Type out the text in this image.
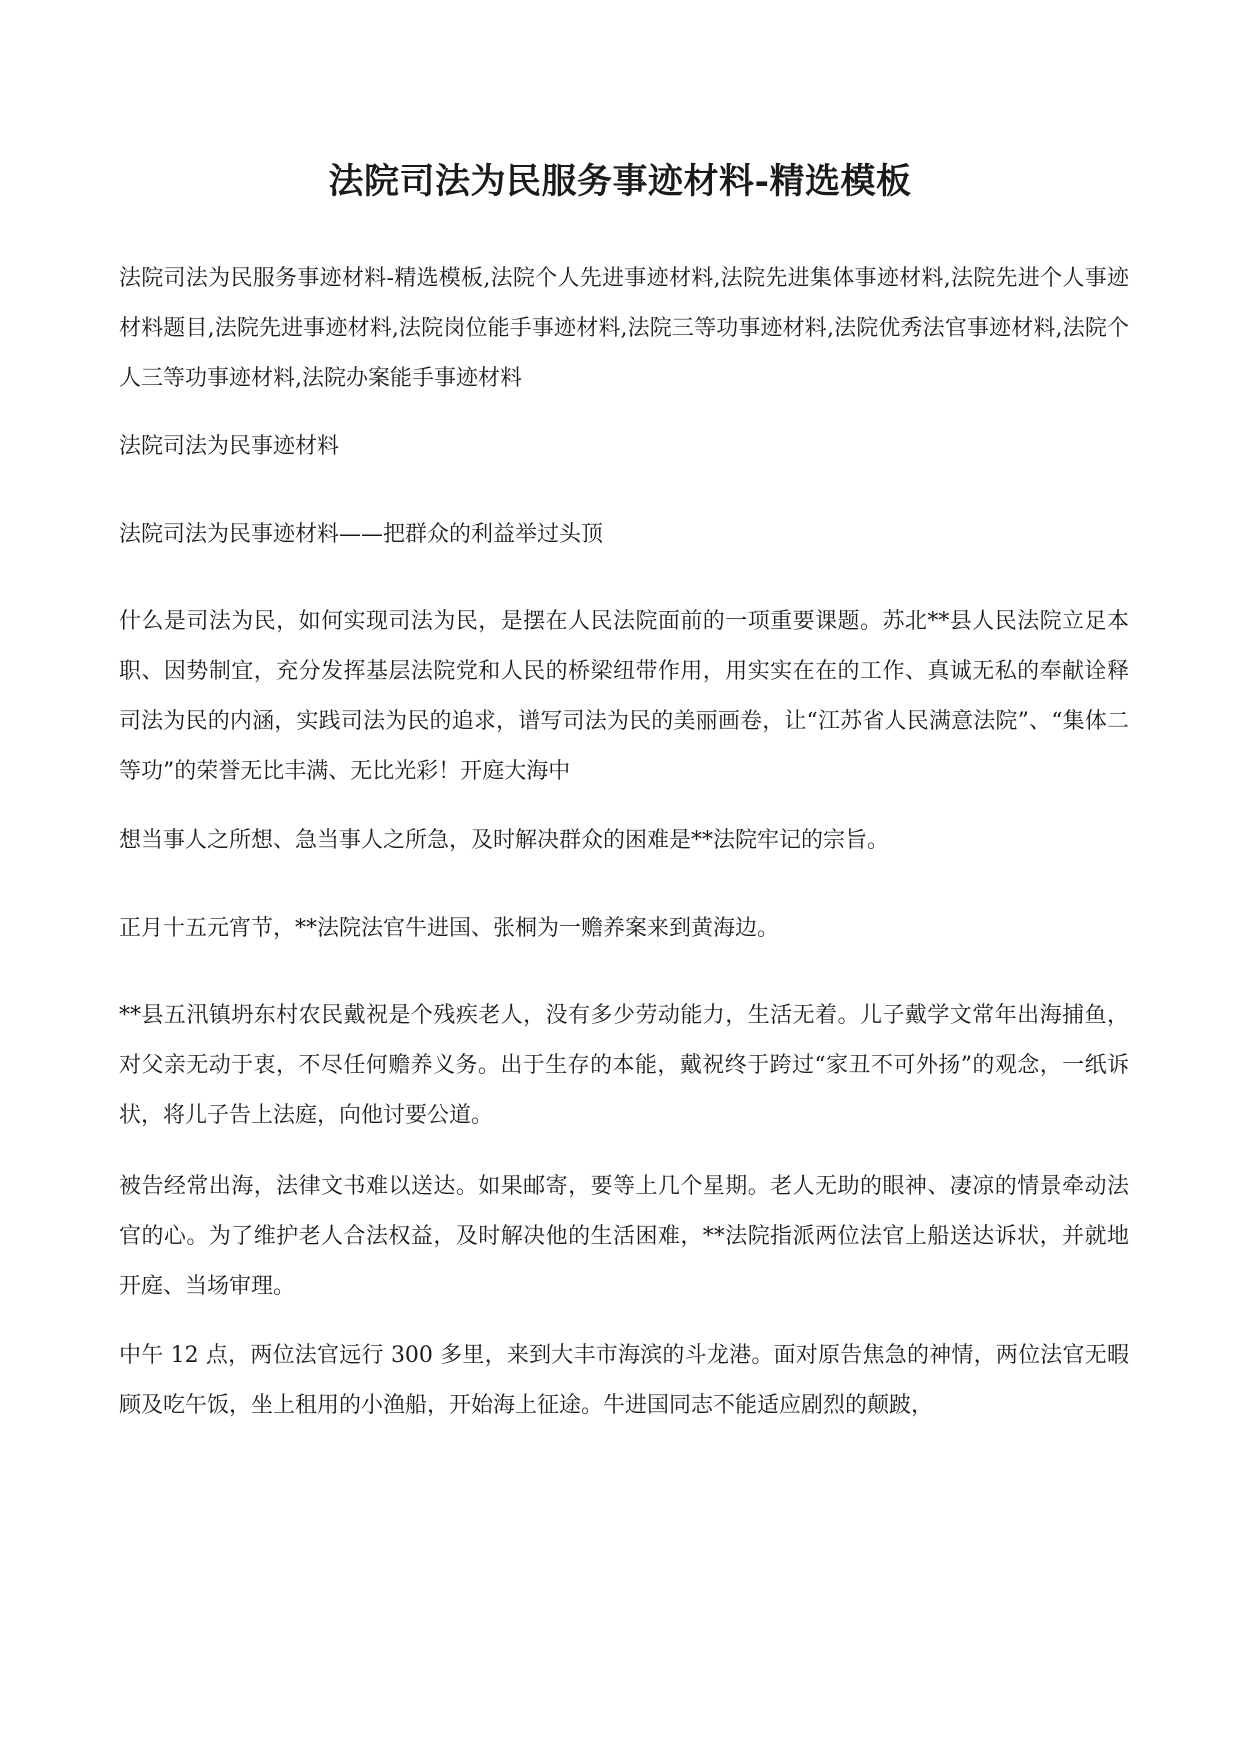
法院司法为民服务事迹材料-精选模板

法院司法为民服务事迹材料-精选模板,法院个人先进事迹材料,法院先进集体事迹材料,法院先进个人事迹材料题目,法院先进事迹材料,法院岗位能手事迹材料,法院三等功事迹材料,法院优秀法官事迹材料,法院个人三等功事迹材料,法院办案能手事迹材料

法院司法为民事迹材料

法院司法为民事迹材料——把群众的利益举过头顶

什么是司法为民，如何实现司法为民，是摆在人民法院面前的一项重要课题。苏北**县人民法院立足本职、因势制宜，充分发挥基层法院党和人民的桥梁纽带作用，用实实在在的工作、真诚无私的奉献诠释司法为民的内涵，实践司法为民的追求，谱写司法为民的美丽画卷，让“江苏省人民满意法院”、“集体二等功”的荣誉无比丰满、无比光彩！开庭大海中

想当事人之所想、急当事人之所急，及时解决群众的困难是**法院牢记的宗旨。

正月十五元宵节，**法院法官牛进国、张桐为一赡养案来到黄海边。

**县五汛镇坍东村农民戴祝是个残疾老人，没有多少劳动能力，生活无着。儿子戴学文常年出海捕鱼，对父亲无动于衷，不尽任何赡养义务。出于生存的本能，戴祝终于跨过“家丑不可外扬”的观念，一纸诉状，将儿子告上法庭，向他讨要公道。

被告经常出海，法律文书难以送达。如果邮寄，要等上几个星期。老人无助的眼神、凄凉的情景牵动法官的心。为了维护老人合法权益，及时解决他的生活困难，**法院指派两位法官上船送达诉状，并就地开庭、当场审理。

中午 12 点，两位法官远行 300 多里，来到大丰市海滨的斗龙港。面对原告焦急的神情，两位法官无暇顾及吃午饭，坐上租用的小渔船，开始海上征途。牛进国同志不能适应剧烈的颠跛，
